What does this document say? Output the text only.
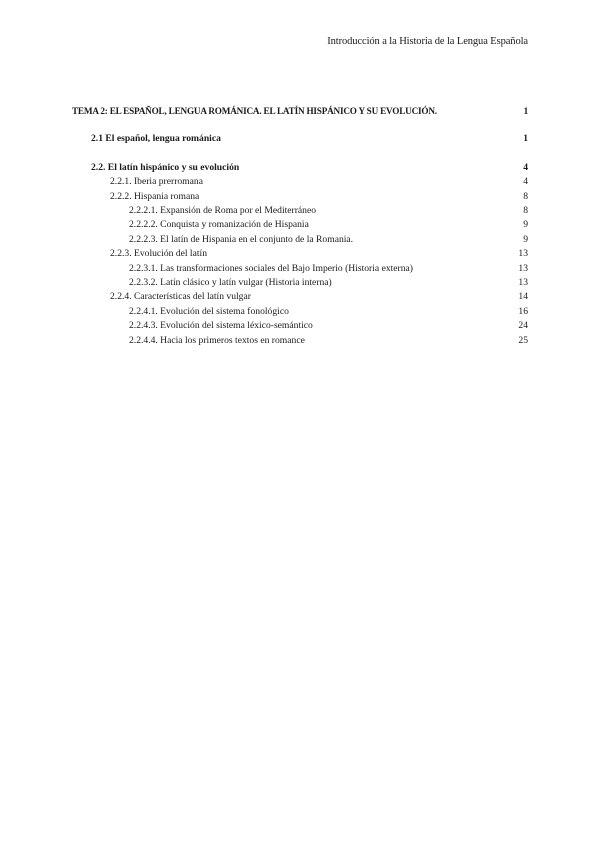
Introducción a la Historia de la Lengua Española
TEMA 2: EL ESPAÑOL, LENGUA ROMÁNICA. EL LATÍN HISPÁNICO Y SU EVOLUCIÓN.	1
2.1 El español, lengua románica	1
2.2. El latín hispánico y su evolución	4
2.2.1. Iberia prerromana	4
2.2.2. Hispania romana	8
2.2.2.1. Expansión de Roma por el Mediterráneo	8
2.2.2.2. Conquista y romanización de Hispania	9
2.2.2.3. El latín de Hispania en el conjunto de la Romania.	9
2.2.3. Evolución del latín	13
2.2.3.1. Las transformaciones sociales del Bajo Imperio (Historia externa)	13
2.2.3.2. Latín clásico y latín vulgar (Historia interna)	13
2.2.4. Características del latín vulgar	14
2.2.4.1. Evolución del sistema fonológico	16
2.2.4.3. Evolución del sistema léxico-semántico	24
2.2.4.4. Hacia los primeros textos en romance	25
